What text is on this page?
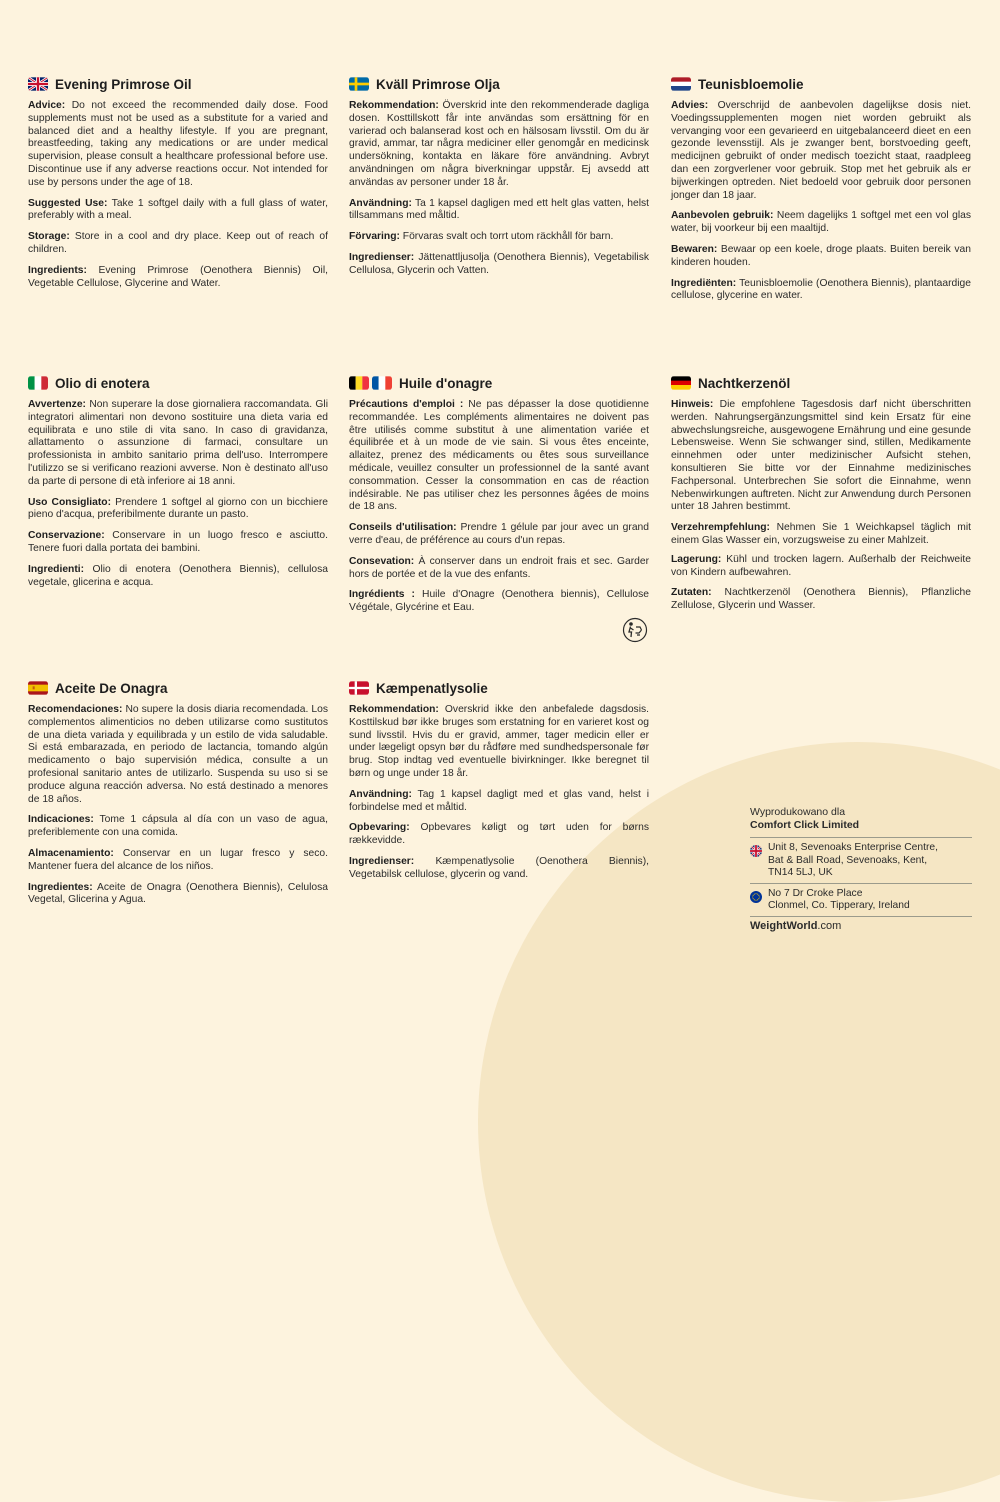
Evening Primrose Oil

Advice: Do not exceed the recommended daily dose. Food supplements must not be used as a substitute for a varied and balanced diet and a healthy lifestyle. If you are pregnant, breastfeeding, taking any medications or are under medical supervision, please consult a healthcare professional before use. Discontinue use if any adverse reactions occur. Not intended for use by persons under the age of 18.

Suggested Use: Take 1 softgel daily with a full glass of water, preferably with a meal.

Storage: Store in a cool and dry place. Keep out of reach of children.

Ingredients: Evening Primrose (Oenothera Biennis) Oil, Vegetable Cellulose, Glycerine and Water.

Kväll Primrose Olja

Rekommendation: Överskrid inte den rekommenderade dagliga dosen. Kosttillskott får inte användas som ersättning för en varierad och balanserad kost och en hälsosam livsstil. Om du är gravid, ammar, tar några mediciner eller genomgår en medicinsk undersökning, kontakta en läkare före användning. Avbryt användningen om några biverkningar uppstår. Ej avsedd att användas av personer under 18 år.

Användning: Ta 1 kapsel dagligen med ett helt glas vatten, helst tillsammans med måltid.

Förvaring: Förvaras svalt och torrt utom räckhåll för barn.

Ingredienser: Jättenattljusolja (Oenothera Biennis), Vegetabilisk Cellulosa, Glycerin och Vatten.

Teunisbloemolie

Advies: Overschrijd de aanbevolen dagelijkse dosis niet. Voedingssupplementen mogen niet worden gebruikt als vervanging voor een gevarieerd en uitgebalanceerd dieet en een gezonde levensstijl. Als je zwanger bent, borstvoeding geeft, medicijnen gebruikt of onder medisch toezicht staat, raadpleeg dan een zorgverlener voor gebruik. Stop met het gebruik als er bijwerkingen optreden. Niet bedoeld voor gebruik door personen jonger dan 18 jaar.

Aanbevolen gebruik: Neem dagelijks 1 softgel met een vol glas water, bij voorkeur bij een maaltijd.

Bewaren: Bewaar op een koele, droge plaats. Buiten bereik van kinderen houden.

Ingrediënten: Teunisbloemolie (Oenothera Biennis), plantaardige cellulose, glycerine en water.

Olio di enotera

Avvertenze: Non superare la dose giornaliera raccomandata. Gli integratori alimentari non devono sostituire una dieta varia ed equilibrata e uno stile di vita sano. In caso di gravidanza, allattamento o assunzione di farmaci, consultare un professionista in ambito sanitario prima dell'uso. Interrompere l'utilizzo se si verificano reazioni avverse. Non è destinato all'uso da parte di persone di età inferiore ai 18 anni.

Uso Consigliato: Prendere 1 softgel al giorno con un bicchiere pieno d'acqua, preferibilmente durante un pasto.

Conservazione: Conservare in un luogo fresco e asciutto. Tenere fuori dalla portata dei bambini.

Ingredienti: Olio di enotera (Oenothera Biennis), cellulosa vegetale, glicerina e acqua.

Huile d'onagre

Précautions d'emploi : Ne pas dépasser la dose quotidienne recommandée. Les compléments alimentaires ne doivent pas être utilisés comme substitut à une alimentation variée et équilibrée et à un mode de vie sain. Si vous êtes enceinte, allaitez, prenez des médicaments ou êtes sous surveillance médicale, veuillez consulter un professionnel de la santé avant consommation. Cesser la consommation en cas de réaction indésirable. Ne pas utiliser chez les personnes âgées de moins de 18 ans.

Conseils d'utilisation: Prendre 1 gélule par jour avec un grand verre d'eau, de préférence au cours d'un repas.

Consevation: À conserver dans un endroit frais et sec. Garder hors de portée et de la vue des enfants.

Ingrédients : Huile d'Onagre (Oenothera biennis), Cellulose Végétale, Glycérine et Eau.

Nachtkerzenöl

Hinweis: Die empfohlene Tagesdosis darf nicht überschritten werden. Nahrungsergänzungsmittel sind kein Ersatz für eine abwechslungsreiche, ausgewogene Ernährung und eine gesunde Lebensweise. Wenn Sie schwanger sind, stillen, Medikamente einnehmen oder unter medizinischer Aufsicht stehen, konsultieren Sie bitte vor der Einnahme medizinisches Fachpersonal. Unterbrechen Sie sofort die Einnahme, wenn Nebenwirkungen auftreten. Nicht zur Anwendung durch Personen unter 18 Jahren bestimmt.

Verzehrempfehlung: Nehmen Sie 1 Weichkapsel täglich mit einem Glas Wasser ein, vorzugsweise zu einer Mahlzeit.

Lagerung: Kühl und trocken lagern. Außerhalb der Reichweite von Kindern aufbewahren.

Zutaten: Nachtkerzenöl (Oenothera Biennis), Pflanzliche Zellulose, Glycerin und Wasser.

Aceite De Onagra

Recomendaciones: No supere la dosis diaria recomendada. Los complementos alimenticios no deben utilizarse como sustitutos de una dieta variada y equilibrada y un estilo de vida saludable. Si está embarazada, en periodo de lactancia, tomando algún medicamento o bajo supervisión médica, consulte a un profesional sanitario antes de utilizarlo. Suspenda su uso si se produce alguna reacción adversa. No está destinado a menores de 18 años.

Indicaciones: Tome 1 cápsula al día con un vaso de agua, preferiblemente con una comida.

Almacenamiento: Conservar en un lugar fresco y seco. Mantener fuera del alcance de los niños.

Ingredientes: Aceite de Onagra (Oenothera Biennis), Celulosa Vegetal, Glicerina y Agua.

Kæmpenatlysolie

Rekommendation: Overskrid ikke den anbefalede dagsdosis. Kosttilskud bør ikke bruges som erstatning for en varieret kost og sund livsstil. Hvis du er gravid, ammer, tager medicin eller er under lægeligt opsyn bør du rådføre med sundhedspersonale før brug. Stop indtag ved eventuelle bivirkninger. Ikke beregnet til børn og unge under 18 år.

Användning: Tag 1 kapsel dagligt med et glas vand, helst i forbindelse med et måltid.

Opbevaring: Opbevares køligt og tørt uden for børns rækkevidde.

Ingredienser: Kæmpenatlysolie (Oenothera Biennis), Vegetabilsk cellulose, glycerin og vand.

Wyprodukowano dla
Comfort Click Limited
Unit 8, Sevenoaks Enterprise Centre,
Bat & Ball Road, Sevenoaks, Kent,
TN14 5LJ, UK
No 7 Dr Croke Place
Clonmel, Co. Tipperary, Ireland
WeightWorld.com
